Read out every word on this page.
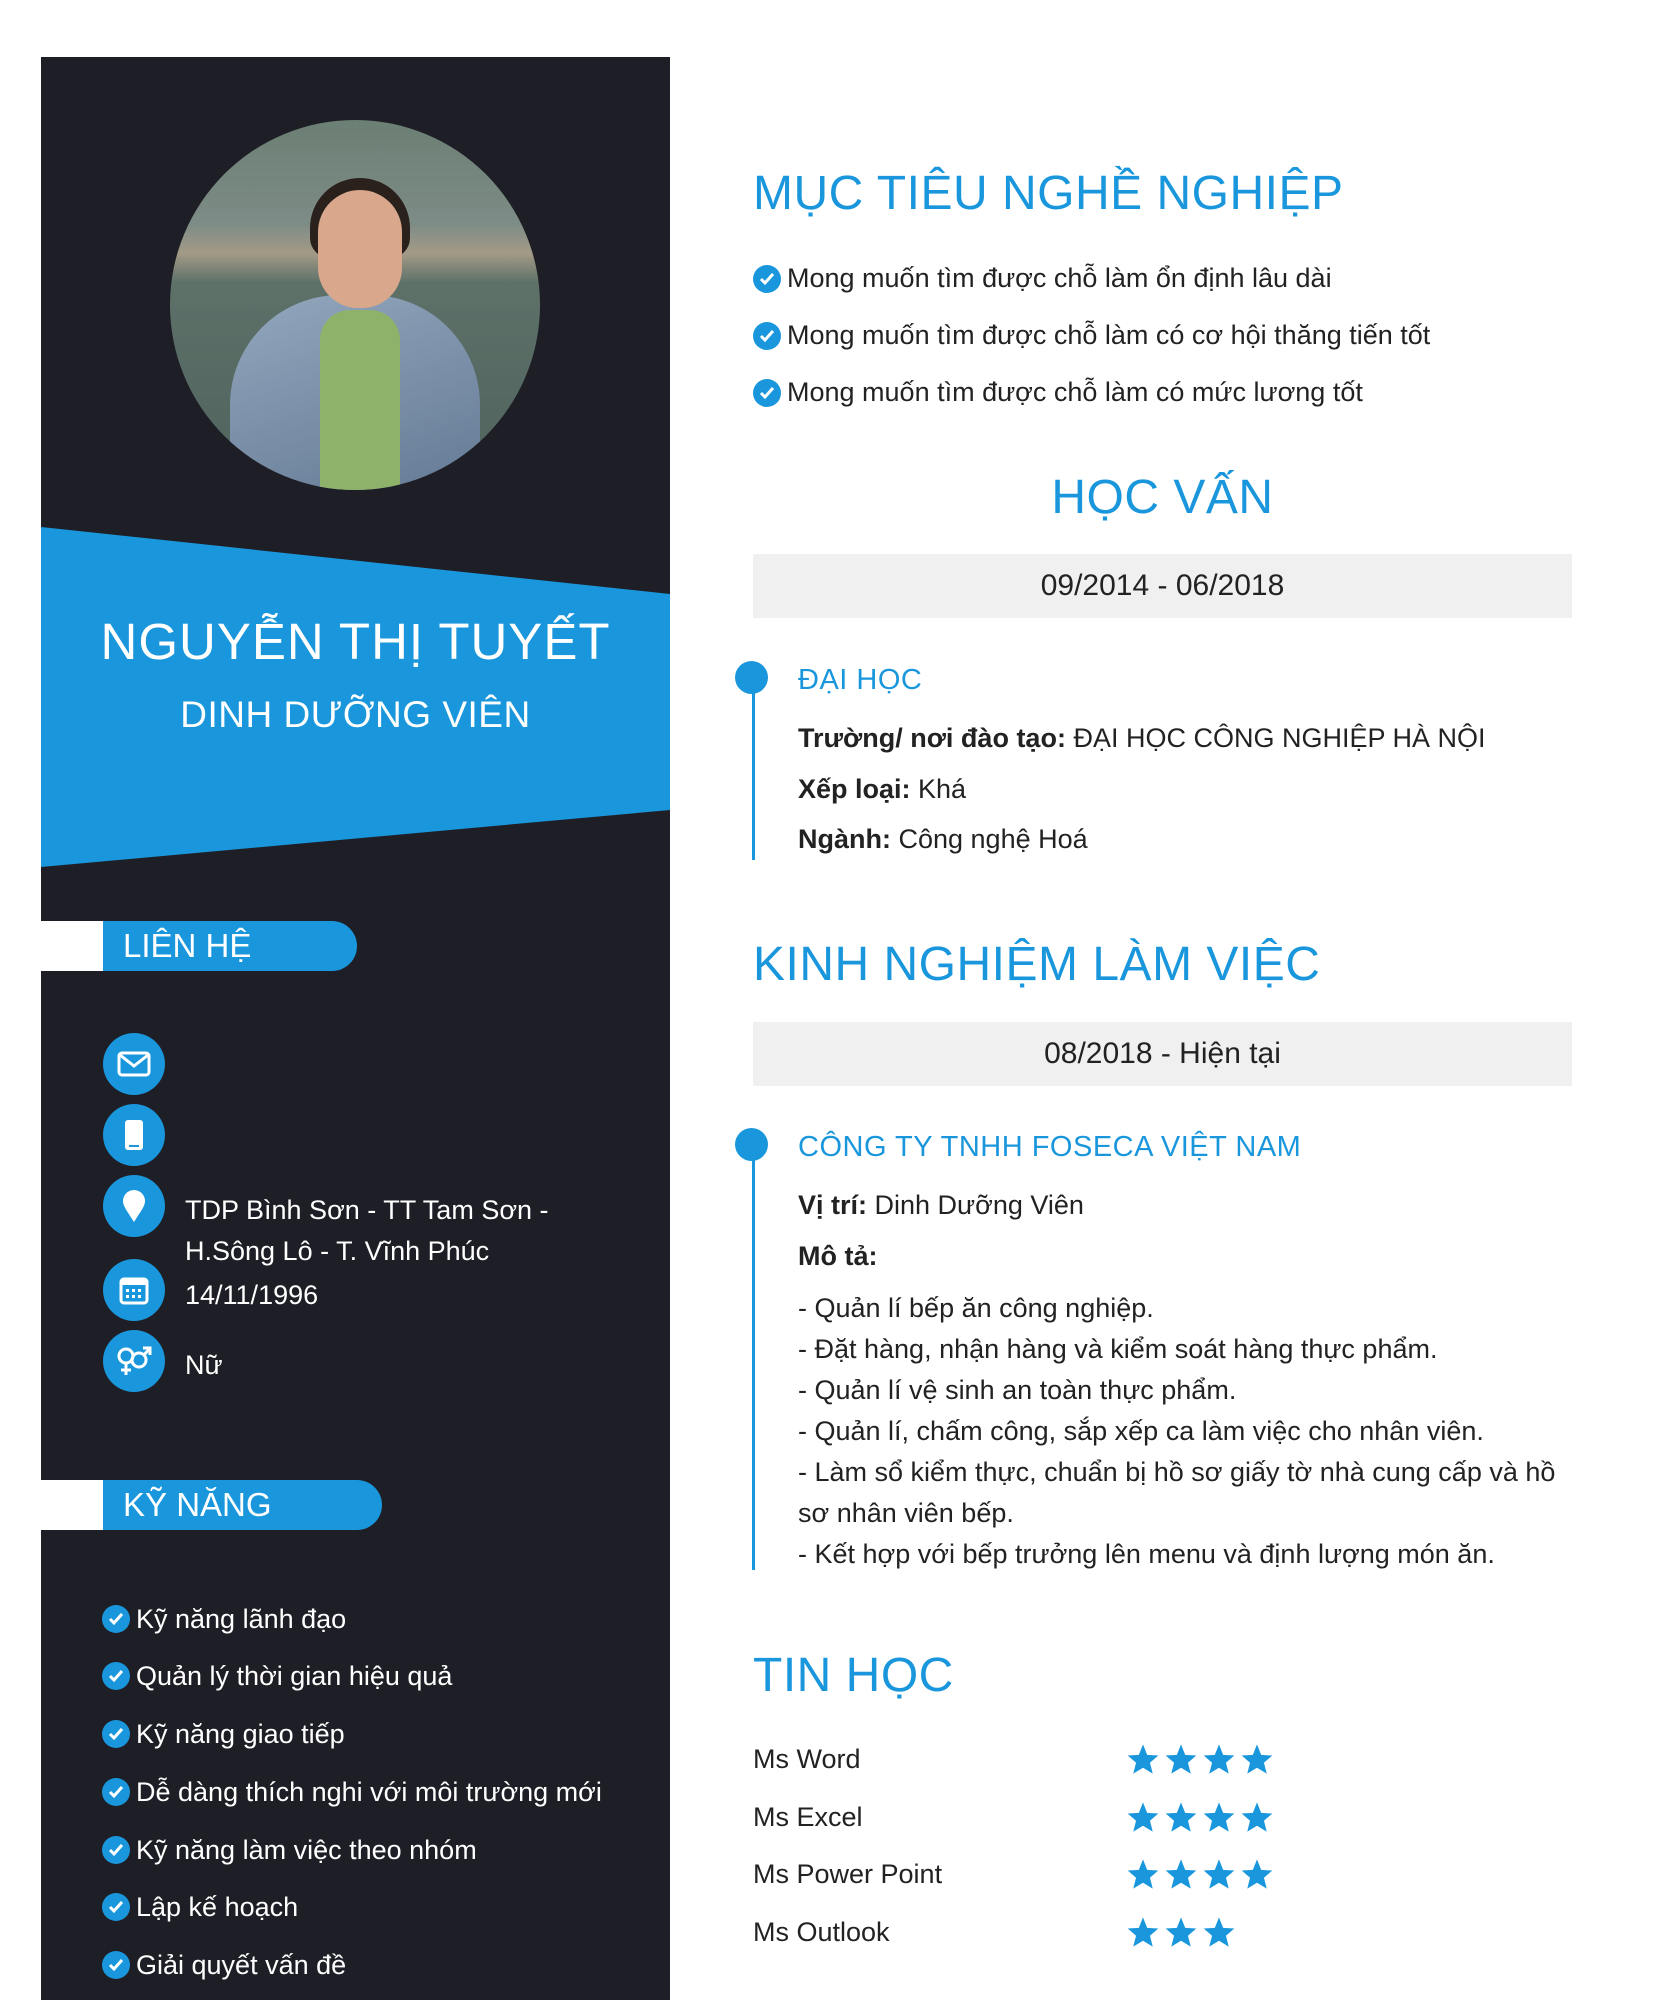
NGUYỄN THỊ TUYẾT
DINH DƯỠNG VIÊN
LIÊN HỆ
TDP Bình Sơn - TT Tam Sơn -
H.Sông Lô - T. Vĩnh Phúc
14/11/1996
Nữ
KỸ NĂNG
Kỹ năng lãnh đạo
Quản lý thời gian hiệu quả
Kỹ năng giao tiếp
Dễ dàng thích nghi với môi trường mới
Kỹ năng làm việc theo nhóm
Lập kế hoạch
Giải quyết vấn đề
MỤC TIÊU NGHỀ NGHIỆP
Mong muốn tìm được chỗ làm ổn định lâu dài
Mong muốn tìm được chỗ làm có cơ hội thăng tiến tốt
Mong muốn tìm được chỗ làm có mức lương tốt
HỌC VẤN
09/2014 - 06/2018
ĐẠI HỌC
Trường/ nơi đào tạo: ĐẠI HỌC CÔNG NGHIỆP HÀ NỘI
Xếp loại: Khá
Ngành: Công nghệ Hoá
KINH NGHIỆM LÀM VIỆC
08/2018 - Hiện tại
CÔNG TY TNHH FOSECA VIỆT NAM
Vị trí: Dinh Dưỡng Viên
Mô tả:
- Quản lí bếp ăn công nghiệp.
- Đặt hàng, nhận hàng và kiểm soát hàng thực phẩm.
- Quản lí vệ sinh an toàn thực phẩm.
- Quản lí, chấm công, sắp xếp ca làm việc cho nhân viên.
- Làm sổ kiểm thực, chuẩn bị hồ sơ giấy tờ nhà cung cấp và hồ sơ nhân viên bếp.
- Kết hợp với bếp trưởng lên menu và định lượng món ăn.
TIN HỌC
Ms Word
Ms Excel
Ms Power Point
Ms Outlook
